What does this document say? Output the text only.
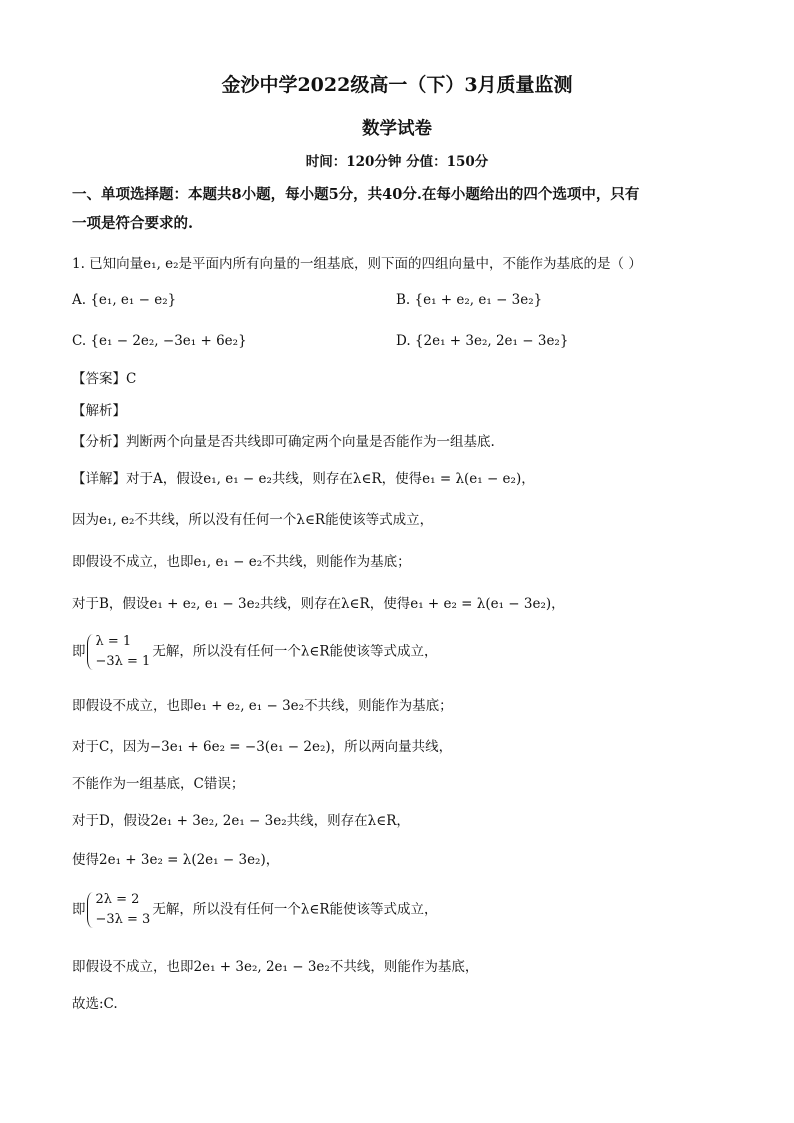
金沙中学2022级高一（下）3月质量监测
数学试卷
时间：120分钟 分值：150分
一、单项选择题：本题共8小题，每小题5分，共40分.在每小题给出的四个选项中，只有
一项是符合要求的.
1. 已知向量e₁, e₂是平面内所有向量的一组基底，则下面的四组向量中，不能作为基底的是（ ）
A. {e₁, e₁ − e₂}	B. {e₁ + e₂, e₁ − 3e₂}
C. {e₁ − 2e₂, −3e₁ + 6e₂}	D. {2e₁ + 3e₂, 2e₁ − 3e₂}
【答案】C
【解析】
【分析】判断两个向量是否共线即可确定两个向量是否能作为一组基底.
【详解】对于A，假设e₁, e₁ − e₂共线，则存在λ∈R，使得e₁ = λ(e₁ − e₂)，
因为e₁, e₂不共线，所以没有任何一个λ∈R能使该等式成立，
即假设不成立，也即e₁, e₁ − e₂不共线，则能作为基底；
对于B，假设e₁ + e₂, e₁ − 3e₂共线，则存在λ∈R，使得e₁ + e₂ = λ(e₁ − 3e₂)，
即
λ = 1
−3λ = 1
无解，所以没有任何一个λ∈R能使该等式成立，
即假设不成立，也即e₁ + e₂, e₁ − 3e₂不共线，则能作为基底；
对于C，因为−3e₁ + 6e₂ = −3(e₁ − 2e₂)，所以两向量共线，
不能作为一组基底，C错误；
对于D，假设2e₁ + 3e₂, 2e₁ − 3e₂共线，则存在λ∈R，
使得2e₁ + 3e₂ = λ(2e₁ − 3e₂)，
即
2λ = 2
−3λ = 3
无解，所以没有任何一个λ∈R能使该等式成立，
即假设不成立，也即2e₁ + 3e₂, 2e₁ − 3e₂不共线，则能作为基底，
故选:C.
